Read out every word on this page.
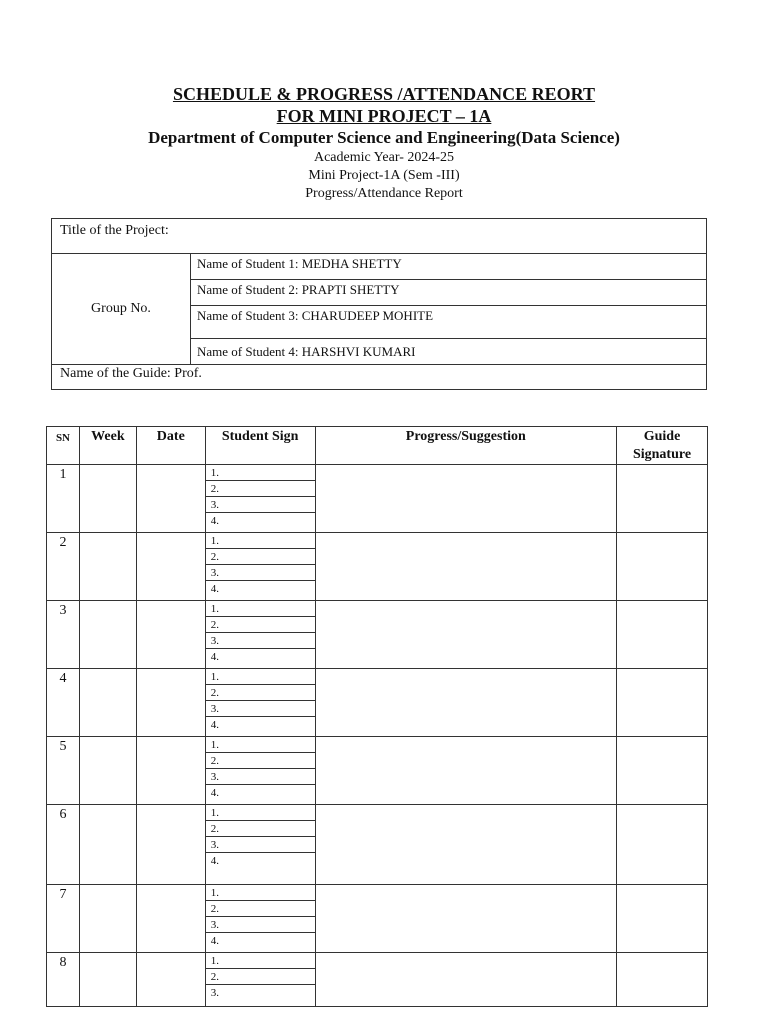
SCHEDULE & PROGRESS /ATTENDANCE REORT
FOR MINI PROJECT – 1A
Department of Computer Science and Engineering(Data Science)
Academic Year- 2024-25
Mini Project-1A (Sem -III)
Progress/Attendance Report
Title of the Project:
Group No.	Name of Student 1: MEDHA SHETTY
Name of Student 2: PRAPTI SHETTY
Name of Student 3: CHARUDEEP MOHITE
Name of Student 4: HARSHVI KUMARI
Name of the Guide: Prof.
SN	Week	Date	Student Sign	Progress/Suggestion	Guide
Signature
1			1.
2.
3.
4.		

2			1.
2.
3.
4.		

3			1.
2.
3.
4.		

4			1.
2.
3.
4.		

5			1.
2.
3.
4.		

6			1.
2.
3.
4.		

7			1.
2.
3.
4.		

8			1.
2.
3.		
